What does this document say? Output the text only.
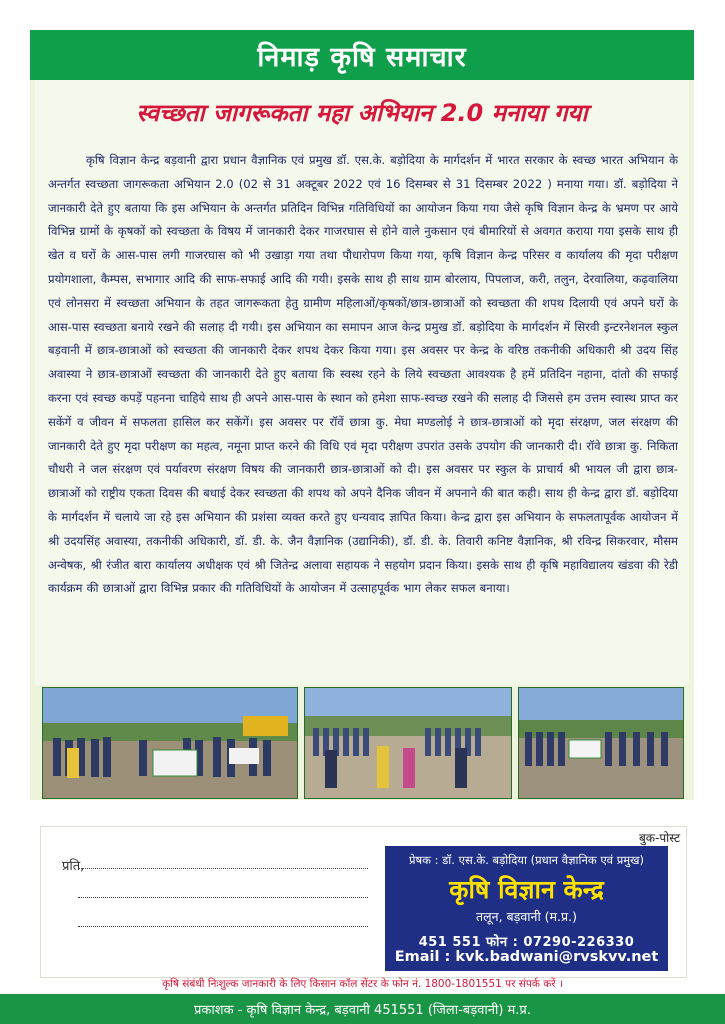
निमाड़ कृषि समाचार
स्वच्छता जागरूकता महा अभियान 2.0 मनाया गया
कृषि विज्ञान केन्द्र बड़वानी द्वारा प्रधान वैज्ञानिक एवं प्रमुख डॉ. एस.के. बड़ोदिया के मार्गदर्शन में भारत सरकार के स्वच्छ भारत अभियान के अन्तर्गत स्वच्छता जागरूकता अभियान 2.0 (02 से 31 अक्टूबर 2022 एवं 16 दिसम्बर से 31 दिसम्बर 2022 ) मनाया गया। डॉ. बड़ोदिया ने जानकारी देते हुए बताया कि इस अभियान के अन्तर्गत प्रतिदिन विभिन्न गतिविधियों का आयोजन किया गया जैसे कृषि विज्ञान केन्द्र के भ्रमण पर आये विभिन्न ग्रामों के कृषकों को स्वच्छता के विषय में जानकारी देकर गाजरघास से होने वाले नुकसान एवं बीमारियों से अवगत कराया गया इसके साथ ही खेत व घरों के आस-पास लगी गाजरघास को भी उखाड़ा गया तथा पौधारोपण किया गया, कृषि विज्ञान केन्द्र परिसर व कार्यालय की मृदा परीक्षण प्रयोगशाला, कैम्पस, सभागार आदि की साफ-सफाई आदि की गयी। इसके साथ ही साथ ग्राम बोरलाय, पिपलाज, करी, तलुन, देरवालिया, कढ़वालिया एवं लोनसरा में स्वच्छता अभियान के तहत जागरूकता हेतु ग्रामीण महिलाओं/कृषकों/छात्र-छात्राओं को स्वच्छता की शपथ दिलायी एवं अपने घरों के आस-पास स्वच्छता बनाये रखने की सलाह दी गयी। इस अभियान का समापन आज केन्द्र प्रमुख डॉ. बड़ोदिया के मार्गदर्शन में सिरवी इन्टरनेशनल स्कुल बड़वानी में छात्र-छात्राओं को स्वच्छता की जानकारी देकर शपथ देकर किया गया। इस अवसर पर केन्द्र के वरिष्ठ तकनीकी अधिकारी श्री उदय सिंह अवास्या ने छात्र-छात्राओं स्वच्छता की जानकारी देते हुए बताया कि स्वस्थ रहने के लिये स्वच्छता आवश्यक है हमें प्रतिदिन नहाना, दांतो की सफाई करना एवं स्वच्छ कपड़ें पहनना चाहिये साथ ही अपने आस-पास के स्थान को हमेशा साफ-स्वच्छ रखने की सलाह दी जिससे हम उत्तम स्वास्थ प्राप्त कर सकेंगें व जीवन में सफलता हासिल कर सकेंगें। इस अवसर पर रॉवें छात्रा कु. मेघा मण्डलोई ने छात्र-छात्राओं को मृदा संरक्षण, जल संरक्षण की जानकारी देते हुए मृदा परीक्षण का महत्व, नमूना प्राप्त करने की विधि एवं मृदा परीक्षण उपरांत उसके उपयोग की जानकारी दी। रॉवे छात्रा कु. निकिता चौधरी ने जल संरक्षण एवं पर्यावरण संरक्षण विषय की जानकारी छात्र-छात्राओं को दी। इस अवसर पर स्कुल के प्राचार्य श्री भायल जी द्वारा छात्र-छात्राओं को राष्ट्रीय एकता दिवस की बधाई देकर स्वच्छता की शपथ को अपने दैनिक जीवन में अपनाने की बात कही। साथ ही केन्द्र द्वारा डॉ. बड़ोदिया के मार्गदर्शन में चलाये जा रहे इस अभियान की प्रशंसा व्यक्त करते हुए धन्यवाद ज्ञापित किया। केन्द्र द्वारा इस अभियान के सफलतापूर्वक आयोजन में श्री उदयसिंह अवास्या, तकनीकी अधिकारी, डॉ. डी. के. जैन वैज्ञानिक (उद्यानिकी), डॉ. डी. के. तिवारी कनिष्ट वैज्ञानिक, श्री रविन्द्र सिकरवार, मौसम अन्वेषक, श्री रंजीत बारा कार्यालय अधीक्षक एवं श्री जितेन्द्र अलावा सहायक ने सहयोग प्रदान किया। इसके साथ ही कृषि महाविद्यालय खंडवा की रेडी कार्यक्रम की छात्राओं द्वारा विभिन्न प्रकार की गतिविधियों के आयोजन में उत्साहपूर्वक भाग लेकर सफल बनाया।
बुक-पोस्ट
प्रति,	प्रेषक : डॉ. एस.के. बड़ोदिया (प्रधान वैज्ञानिक एवं प्रमुख)
कृषि विज्ञान केन्द्र
तलून, बड़वानी (म.प्र.)
451 551 फोन : 07290-226330
Email : kvk.badwani@rvskvv.net
कृषि संबंधी निःशुल्क जानकारी के लिए किसान कॉल सेंटर के फोन नं. 1800-1801551 पर संपर्क करें ।
प्रकाशक - कृषि विज्ञान केन्द्र, बड़वानी 451551 (जिला-बड़वानी) म.प्र.
